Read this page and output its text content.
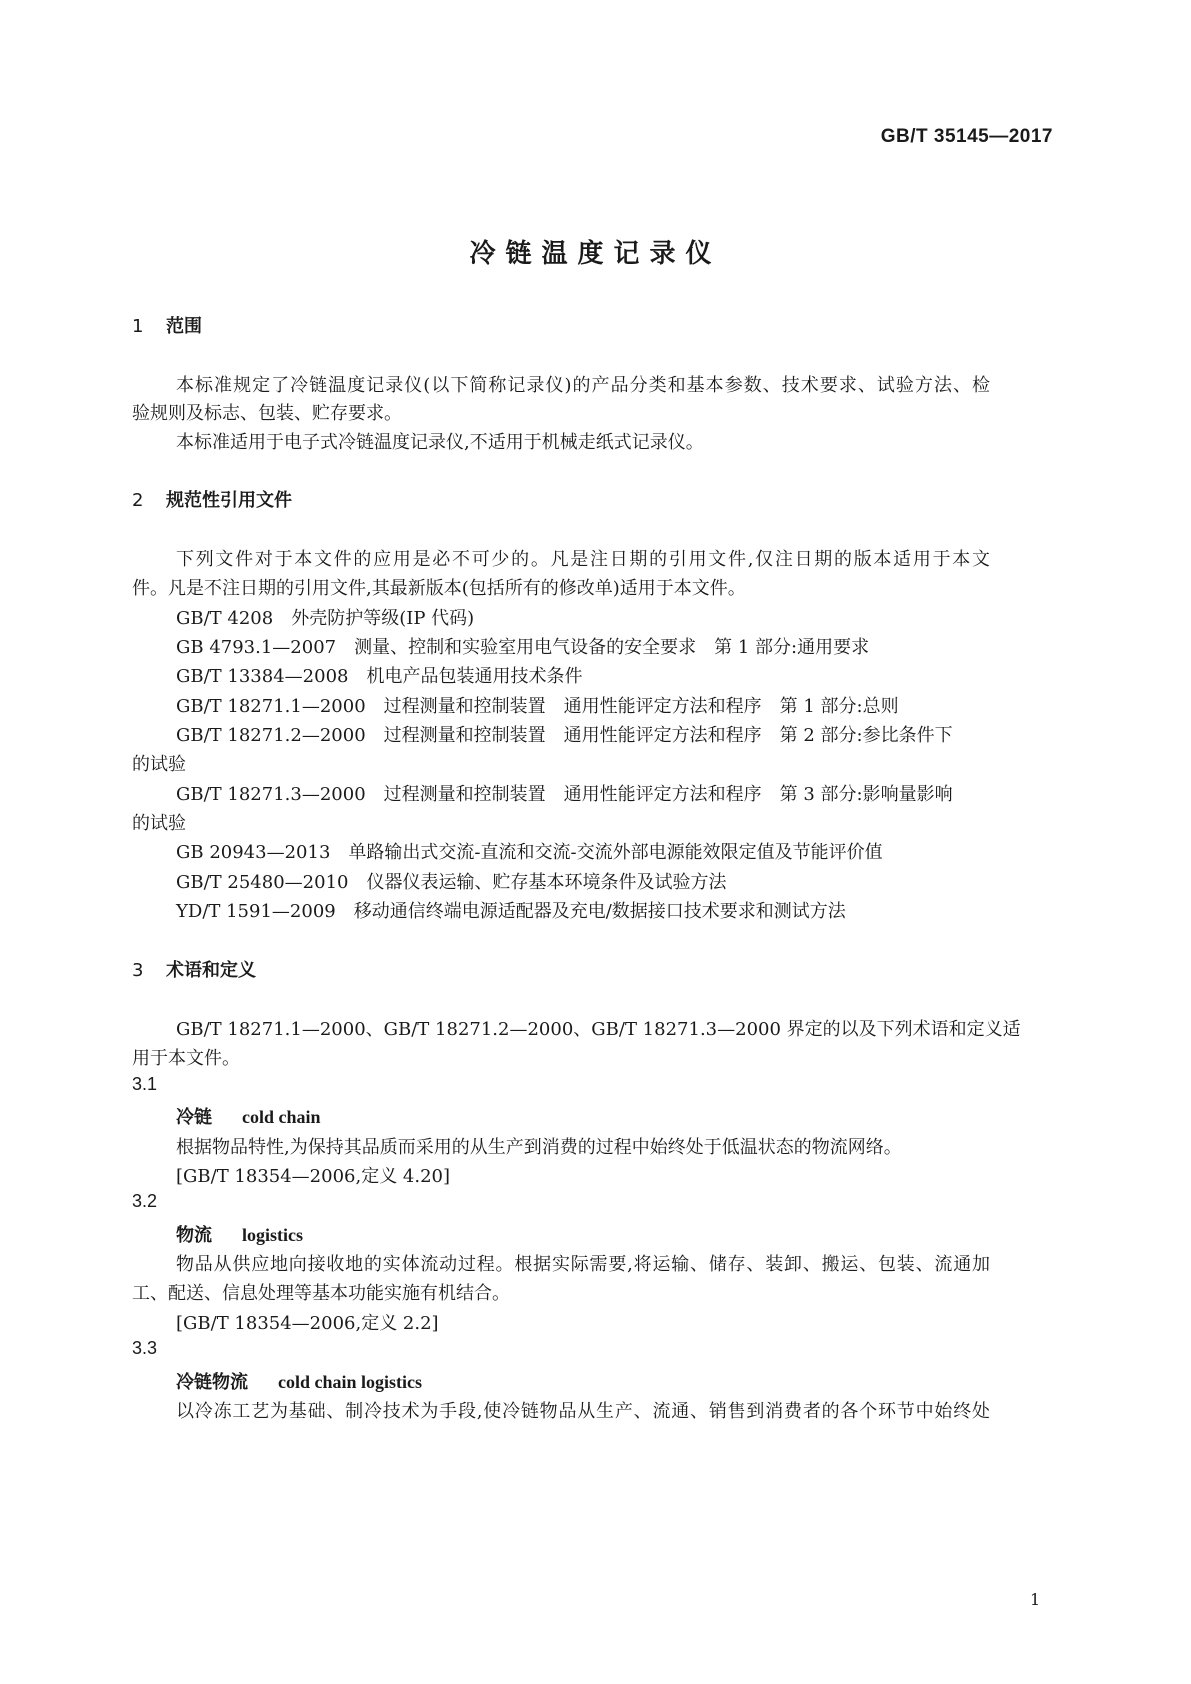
GB/T 35145—2017
冷链温度记录仪
1 范围
本标准规定了冷链温度记录仪(以下简称记录仪)的产品分类和基本参数、技术要求、试验方法、检
验规则及标志、包装、贮存要求。
本标准适用于电子式冷链温度记录仪,不适用于机械走纸式记录仪。
2 规范性引用文件
下列文件对于本文件的应用是必不可少的。凡是注日期的引用文件,仅注日期的版本适用于本文
件。凡是不注日期的引用文件,其最新版本(包括所有的修改单)适用于本文件。
GB/T 4208　 外壳防护等级(IP 代码)
GB 4793.1—2007　 测量、控制和实验室用电气设备的安全要求　第 1 部分:通用要求
GB/T 13384—2008　 机电产品包装通用技术条件
GB/T 18271.1—2000　 过程测量和控制装置　通用性能评定方法和程序　第 1 部分:总则
GB/T 18271.2—2000　 过程测量和控制装置　通用性能评定方法和程序　第 2 部分:参比条件下
的试验
GB/T 18271.3—2000　 过程测量和控制装置　通用性能评定方法和程序　第 3 部分:影响量影响
的试验
GB 20943—2013　 单路输出式交流-直流和交流-交流外部电源能效限定值及节能评价值
GB/T 25480—2010　 仪器仪表运输、贮存基本环境条件及试验方法
YD/T 1591—2009　 移动通信终端电源适配器及充电/数据接口技术要求和测试方法
3 术语和定义
GB/T 18271.1—2000、GB/T 18271.2—2000、GB/T 18271.3—2000 界定的以及下列术语和定义适
用于本文件。
3.1
冷链 cold chain
根据物品特性,为保持其品质而采用的从生产到消费的过程中始终处于低温状态的物流网络。
[GB/T 18354—2006,定义 4.20]
3.2
物流 logistics
物品从供应地向接收地的实体流动过程。根据实际需要,将运输、储存、装卸、搬运、包装、流通加
工、配送、信息处理等基本功能实施有机结合。
[GB/T 18354—2006,定义 2.2]
3.3
冷链物流 cold chain logistics
以冷冻工艺为基础、制冷技术为手段,使冷链物品从生产、流通、销售到消费者的各个环节中始终处
1
